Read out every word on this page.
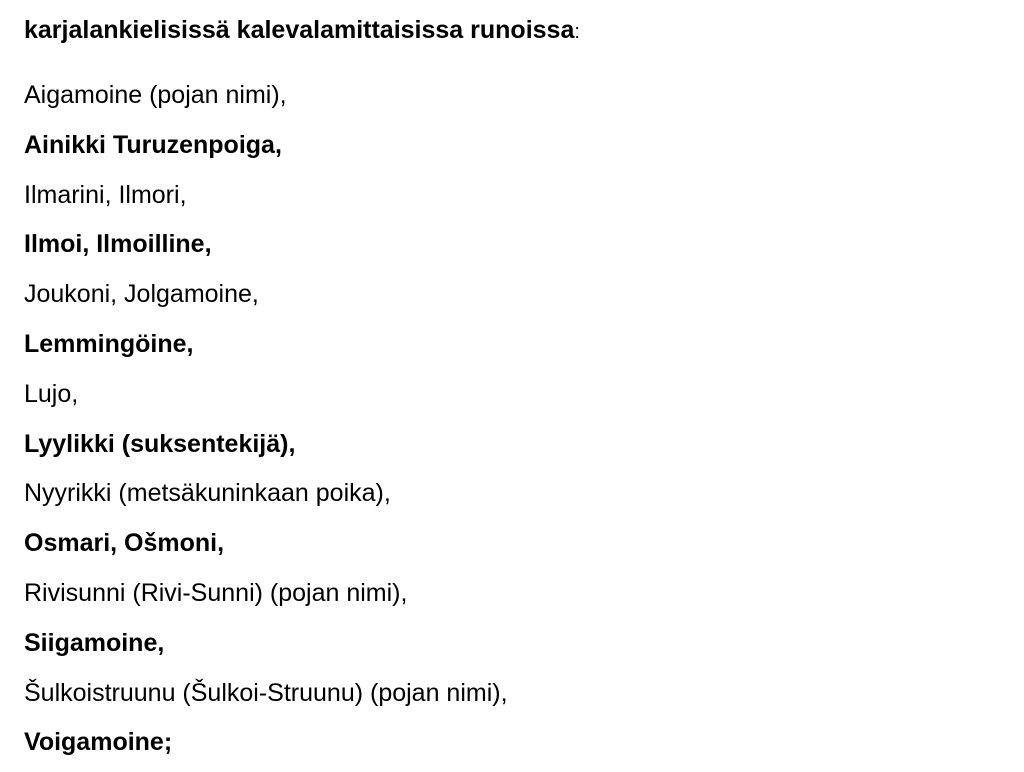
karjalankielisissä kalevalamittaisissa runoissa:
Aigamoine (pojan nimi),
Ainikki Turuzenpoiga,
Ilmarini, Ilmori,
Ilmoi, Ilmoilline,
Joukoni, Jolgamoine,
Lemmingöine,
Lujo,
Lyylikki (suksentekijä),
Nyyrikki (metsäkuninkaan poika),
Osmari, Ošmoni,
Rivisunni (Rivi-Sunni) (pojan nimi),
Siigamoine,
Šulkoistruunu (Šulkoi-Struunu) (pojan nimi),
Voigamoine;
